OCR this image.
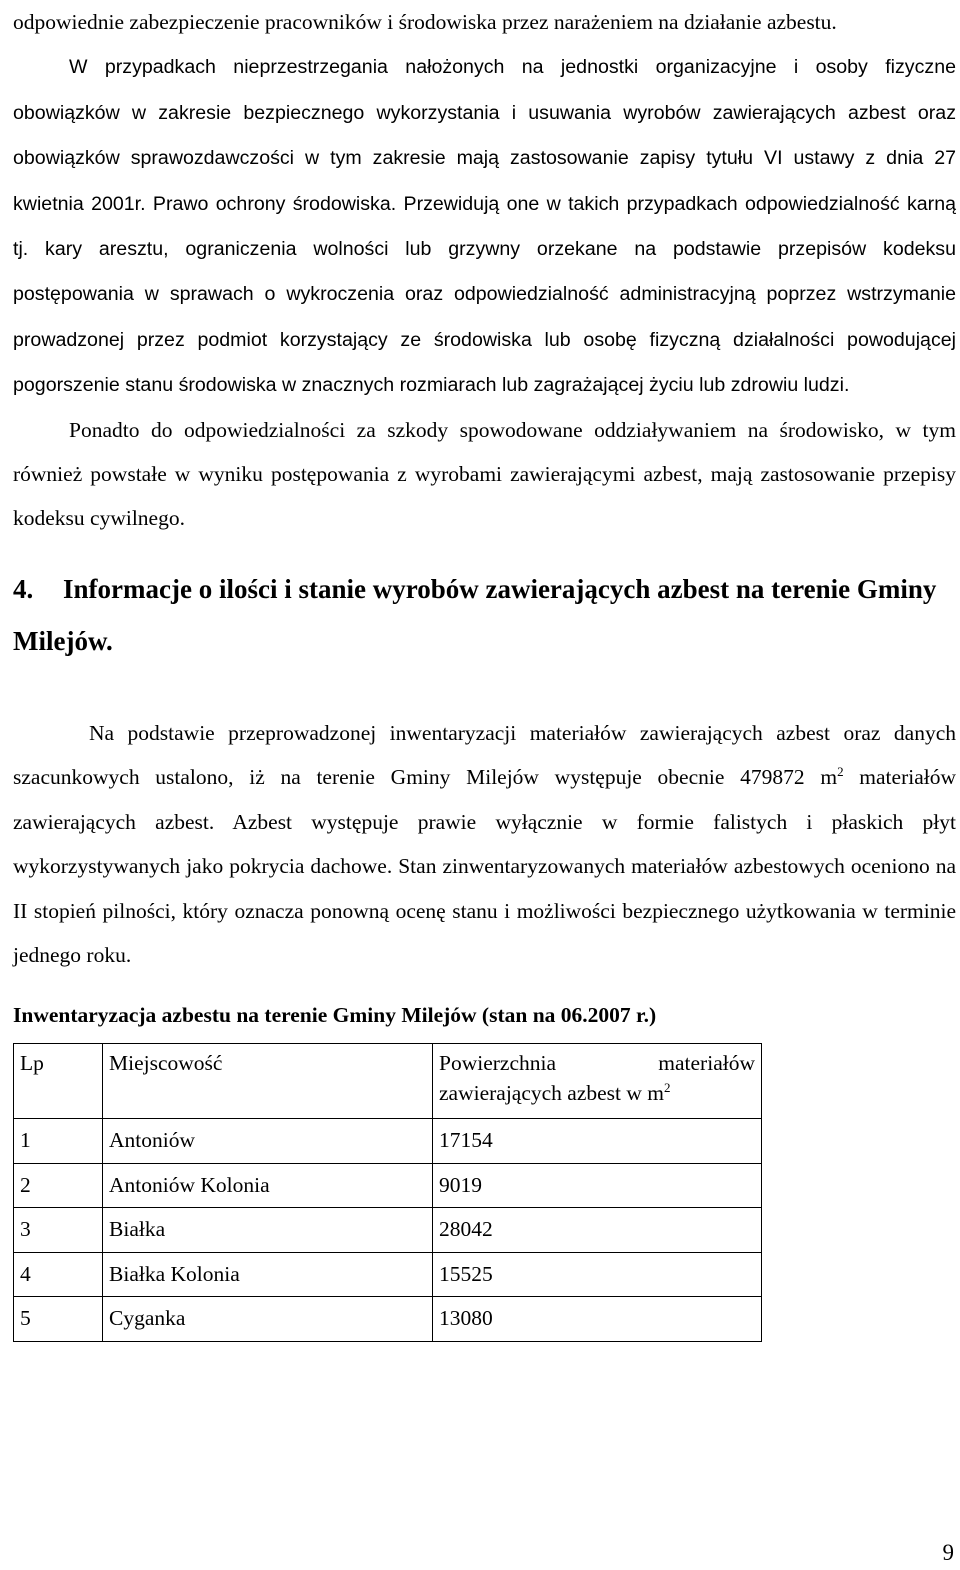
odpowiednie zabezpieczenie pracowników i środowiska przez narażeniem na działanie azbestu.

W przypadkach nieprzestrzegania nałożonych na jednostki organizacyjne i osoby fizyczne obowiązków w zakresie bezpiecznego wykorzystania i usuwania wyrobów zawierających azbest oraz obowiązków sprawozdawczości w tym zakresie mają zastosowanie zapisy tytułu VI ustawy z dnia 27 kwietnia 2001r. Prawo ochrony środowiska. Przewidują one w takich przypadkach odpowiedzialność karną tj. kary aresztu, ograniczenia wolności lub grzywny orzekane na podstawie przepisów kodeksu postępowania w sprawach o wykroczenia oraz odpowiedzialność administracyjną poprzez wstrzymanie prowadzonej przez podmiot korzystający ze środowiska lub osobę fizyczną działalności powodującej pogorszenie stanu środowiska w znacznych rozmiarach lub zagrażającej życiu lub zdrowiu ludzi.

Ponadto do odpowiedzialności za szkody spowodowane oddziaływaniem na środowisko, w tym również powstałe w wyniku postępowania z wyrobami zawierającymi azbest, mają zastosowanie przepisy kodeksu cywilnego.

4. Informacje o ilości i stanie wyrobów zawierających azbest na terenie Gminy Milejów.

Na podstawie przeprowadzonej inwentaryzacji materiałów zawierających azbest oraz danych szacunkowych ustalono, iż na terenie Gminy Milejów występuje obecnie 479872 $m^2$ materiałów zawierających azbest. Azbest występuje prawie wyłącznie w formie falistych i płaskich płyt wykorzystywanych jako pokrycia dachowe. Stan zinwentaryzowanych materiałów azbestowych oceniono na II stopień pilności, który oznacza ponowną ocenę stanu i możliwości bezpiecznego użytkowania w terminie jednego roku.

Inwentaryzacja azbestu na terenie Gminy Milejów (stan na 06.2007 r.)
Lp	Miejscowość	Powierzchnia materiałów zawierających azbest w $m^2$
1	Antoniów	17154
2	Antoniów Kolonia	9019
3	Białka	28042
4	Białka Kolonia	15525
5	Cyganka	13080
9
